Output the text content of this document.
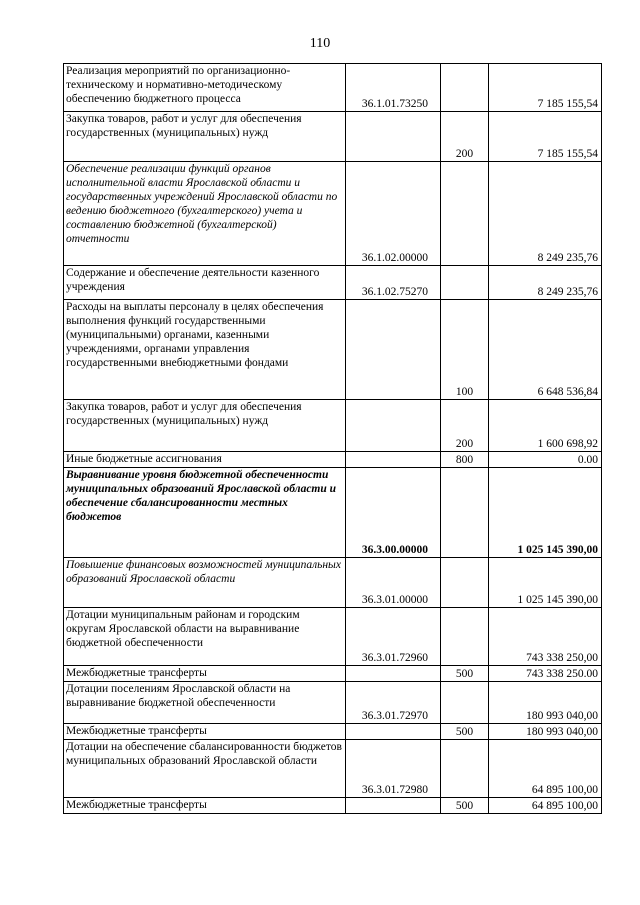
110
Реализация мероприятий по организационно-техническому и нормативно-методическому обеспечению бюджетного процесса	36.1.01.73250		7 185 155,54
Закупка товаров, работ и услуг для обеспечения государственных (муниципальных) нужд		200	7 185 155,54
Обеспечение реализации функций органов исполнительной власти Ярославской области и государственных учреждений Ярославской области по ведению бюджетного (бухгалтерского) учета и составлению бюджетной (бухгалтерской) отчетности	36.1.02.00000		8 249 235,76
Содержание и обеспечение деятельности казенного учреждения	36.1.02.75270		8 249 235,76
Расходы на выплаты персоналу в целях обеспечения выполнения функций государственными (муниципальными) органами, казенными учреждениями, органами управления государственными внебюджетными фондами		100	6 648 536,84
Закупка товаров, работ и услуг для обеспечения государственных (муниципальных) нужд		200	1 600 698,92
Иные бюджетные ассигнования		800	0.00
Выравнивание уровня бюджетной обеспеченности муниципальных образований Ярославской области и обеспечение сбалансированности местных бюджетов	36.3.00.00000		1 025 145 390,00
Повышение финансовых возможностей муниципальных образований Ярославской области	36.3.01.00000		1 025 145 390,00
Дотации муниципальным районам и городским округам Ярославской области на выравнивание бюджетной обеспеченности	36.3.01.72960		743 338 250,00
Межбюджетные трансферты		500	743 338 250.00
Дотации поселениям Ярославской области на выравнивание бюджетной обеспеченности	36.3.01.72970		180 993 040,00
Межбюджетные трансферты		500	180 993 040,00
Дотации на обеспечение сбалансированности бюджетов муниципальных образований Ярославской области	36.3.01.72980		64 895 100,00
Межбюджетные трансферты		500	64 895 100,00
